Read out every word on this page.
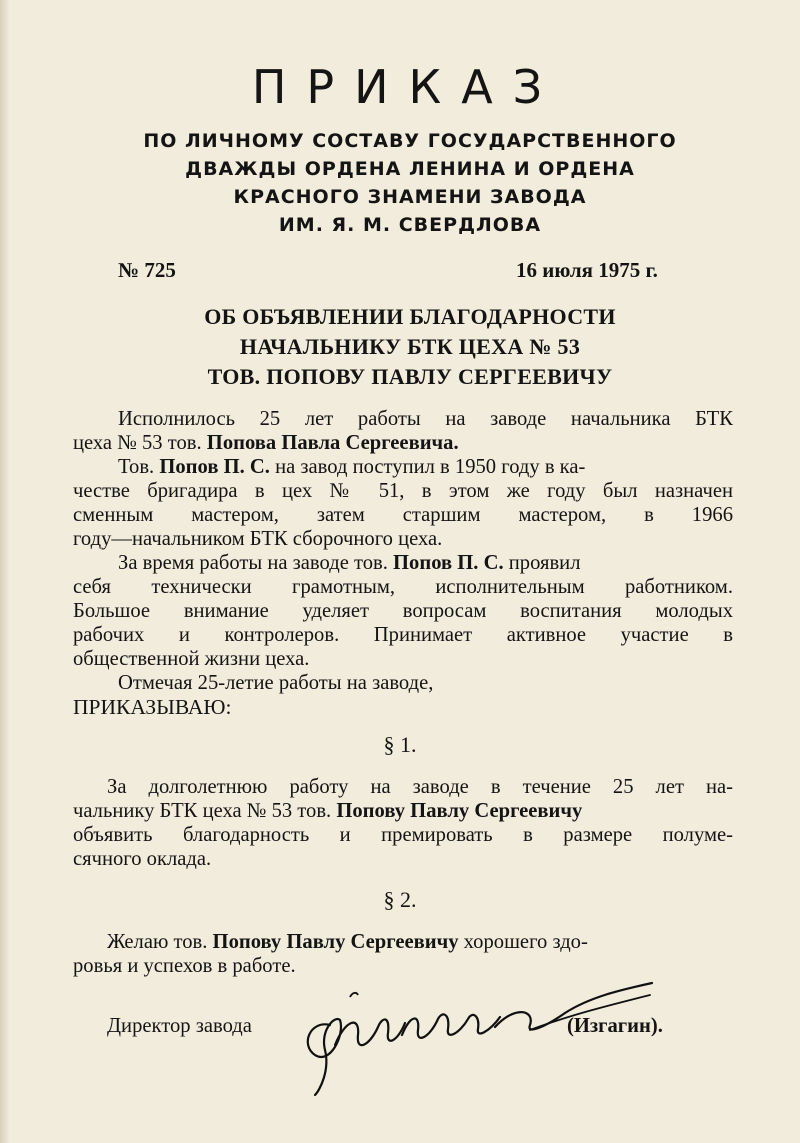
ПРИКАЗ
ПО ЛИЧНОМУ СОСТАВУ ГОСУДАРСТВЕННОГО
ДВАЖДЫ ОРДЕНА ЛЕНИНА И ОРДЕНА
КРАСНОГО ЗНАМЕНИ ЗАВОДА
ИМ. Я. М. СВЕРДЛОВА
№ 725	16 июля 1975 г.
ОБ ОБЪЯВЛЕНИИ БЛАГОДАРНОСТИ
НАЧАЛЬНИКУ БТК ЦЕХА № 53
ТОВ. ПОПОВУ ПАВЛУ СЕРГЕЕВИЧУ
Исполнилось 25 лет работы на заводе начальника БТК
цеха № 53 тов. Попова Павла Сергеевича.
Тов. Попов П. С. на завод поступил в 1950 году в ка-
честве бригадира в цех № 51, в этом же году был назначен
сменным мастером, затем старшим мастером, в 1966
году—начальником БТК сборочного цеха.
За время работы на заводе тов. Попов П. С. проявил
себя технически грамотным, исполнительным работником.
Большое внимание уделяет вопросам воспитания молодых
рабочих и контролеров. Принимает активное участие в
общественной жизни цеха.
Отмечая 25-летие работы на заводе,
ПРИКАЗЫВАЮ:
§ 1.
За долголетнюю работу на заводе в течение 25 лет на-
чальнику БТК цеха № 53 тов. Попову Павлу Сергеевичу
объявить благодарность и премировать в размере полуме-
сячного оклада.
§ 2.
Желаю тов. Попову Павлу Сергеевичу хорошего здо-
ровья и успехов в работе.
Директор завода	(Изгагин).
